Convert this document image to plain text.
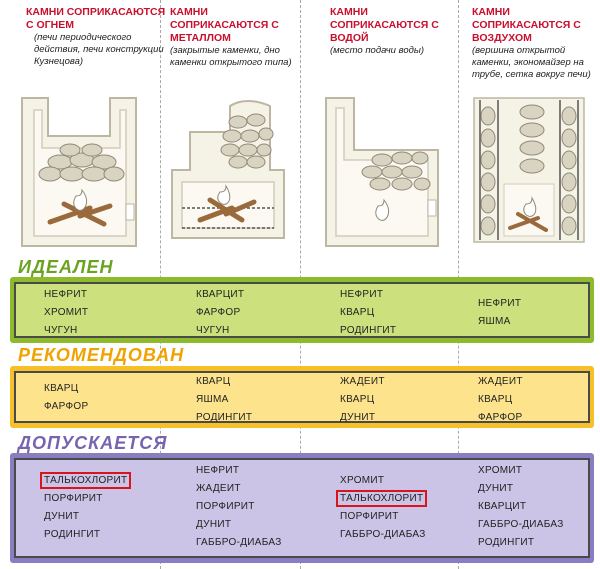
КАМНИ СОПРИКАСАЮТСЯ С ОГНЕМ
(печи периодического действия, печи конструкции Кузнецова)
КАМНИ СОПРИКАСАЮТСЯ С МЕТАЛЛОМ
(закрытые каменки, дно каменки открытого типа)
КАМНИ СОПРИКАСАЮТСЯ С ВОДОЙ
(место подачи воды)
КАМНИ СОПРИКАСАЮТСЯ С ВОЗДУХОМ
(вершина открытой каменки, экономайзер на трубе, сетка вокруг печи)
ИДЕАЛЕН
НЕФРИТ
ХРОМИТ
ЧУГУН
КВАРЦИТ
ФАРФОР
ЧУГУН
НЕФРИТ
КВАРЦ
РОДИНГИТ
НЕФРИТ
ЯШМА
РЕКОМЕНДОВАН
КВАРЦ
ФАРФОР
КВАРЦ
ЯШМА
РОДИНГИТ
ЖАДЕИТ
КВАРЦ
ДУНИТ
ЖАДЕИТ
КВАРЦ
ФАРФОР
ДОПУСКАЕТСЯ
ТАЛЬКОХЛОРИТ
ПОРФИРИТ
ДУНИТ
РОДИНГИТ
НЕФРИТ
ЖАДЕИТ
ПОРФИРИТ
ДУНИТ
ГАББРО-ДИАБАЗ
ХРОМИТ
ТАЛЬКОХЛОРИТ
ПОРФИРИТ
ГАББРО-ДИАБАЗ
ХРОМИТ
ДУНИТ
КВАРЦИТ
ГАББРО-ДИАБАЗ
РОДИНГИТ
